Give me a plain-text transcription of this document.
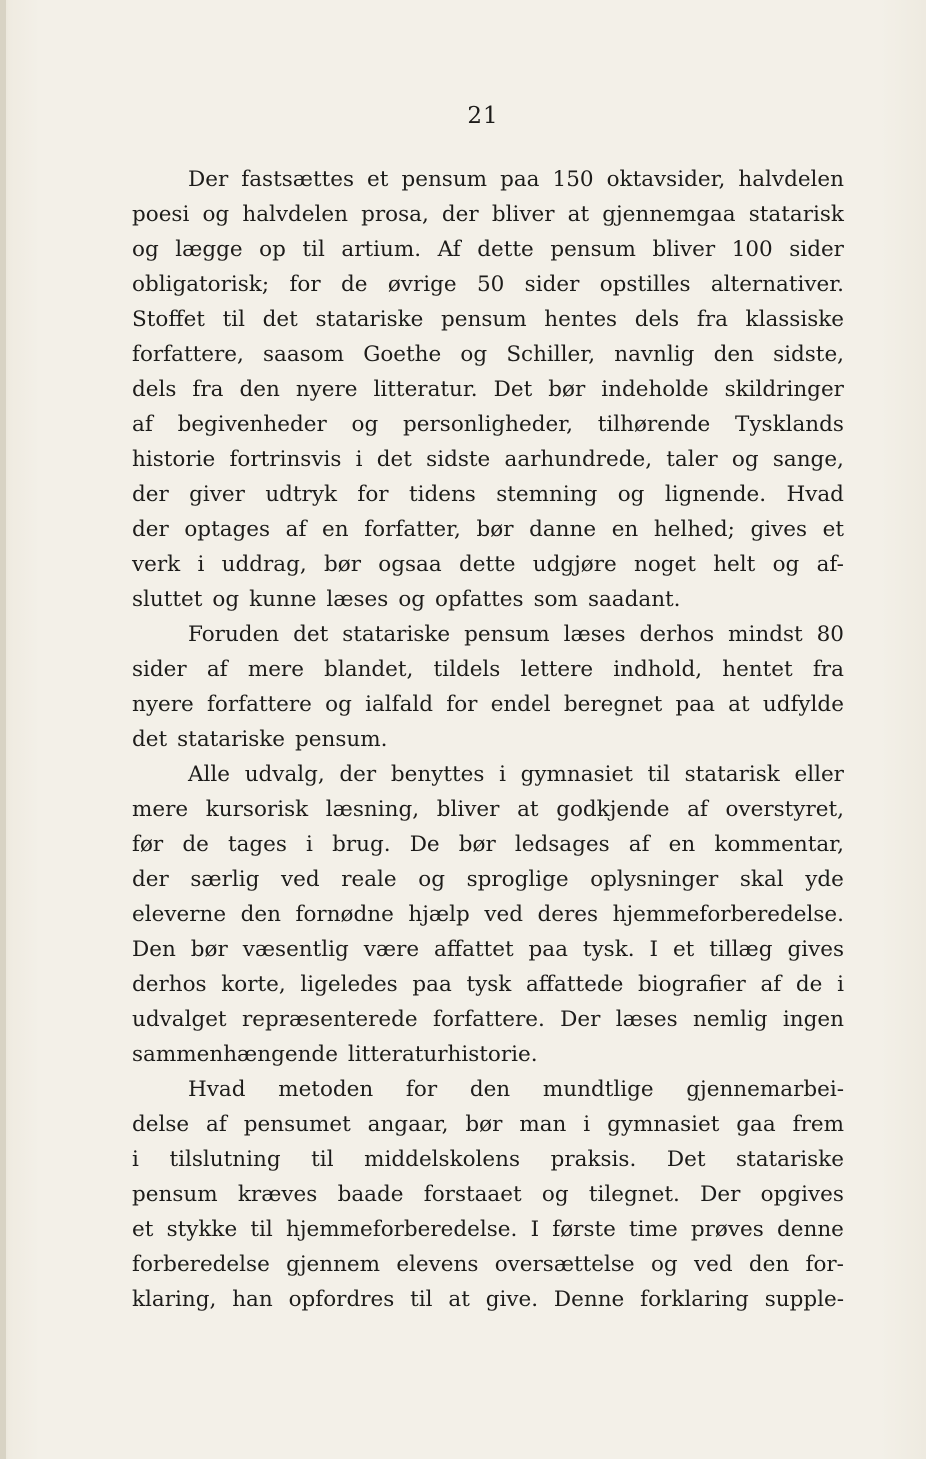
21
Der fastsættes et pensum paa 150 oktavsider, halvdelen
poesi og halvdelen prosa, der bliver at gjennemgaa statarisk
og lægge op til artium. Af dette pensum bliver 100 sider
obligatorisk; for de øvrige 50 sider opstilles alternativer.
Stoffet til det statariske pensum hentes dels fra klassiske
forfattere, saasom Goethe og Schiller, navnlig den sidste,
dels fra den nyere litteratur. Det bør indeholde skildringer
af begivenheder og personligheder, tilhørende Tysklands
historie fortrinsvis i det sidste aarhundrede, taler og sange,
der giver udtryk for tidens stemning og lignende. Hvad
der optages af en forfatter, bør danne en helhed; gives et
verk i uddrag, bør ogsaa dette udgjøre noget helt og af-
sluttet og kunne læses og opfattes som saadant.
Foruden det statariske pensum læses derhos mindst 80
sider af mere blandet, tildels lettere indhold, hentet fra
nyere forfattere og ialfald for endel beregnet paa at udfylde
det statariske pensum.
Alle udvalg, der benyttes i gymnasiet til statarisk eller
mere kursorisk læsning, bliver at godkjende af overstyret,
før de tages i brug. De bør ledsages af en kommentar,
der særlig ved reale og sproglige oplysninger skal yde
eleverne den fornødne hjælp ved deres hjemmeforberedelse.
Den bør væsentlig være affattet paa tysk. I et tillæg gives
derhos korte, ligeledes paa tysk affattede biografier af de i
udvalget repræsenterede forfattere. Der læses nemlig ingen
sammenhængende litteraturhistorie.
Hvad metoden for den mundtlige gjennemarbei-
delse af pensumet angaar, bør man i gymnasiet gaa frem
i tilslutning til middelskolens praksis. Det statariske
pensum kræves baade forstaaet og tilegnet. Der opgives
et stykke til hjemmeforberedelse. I første time prøves denne
forberedelse gjennem elevens oversættelse og ved den for-
klaring, han opfordres til at give. Denne forklaring supple-
